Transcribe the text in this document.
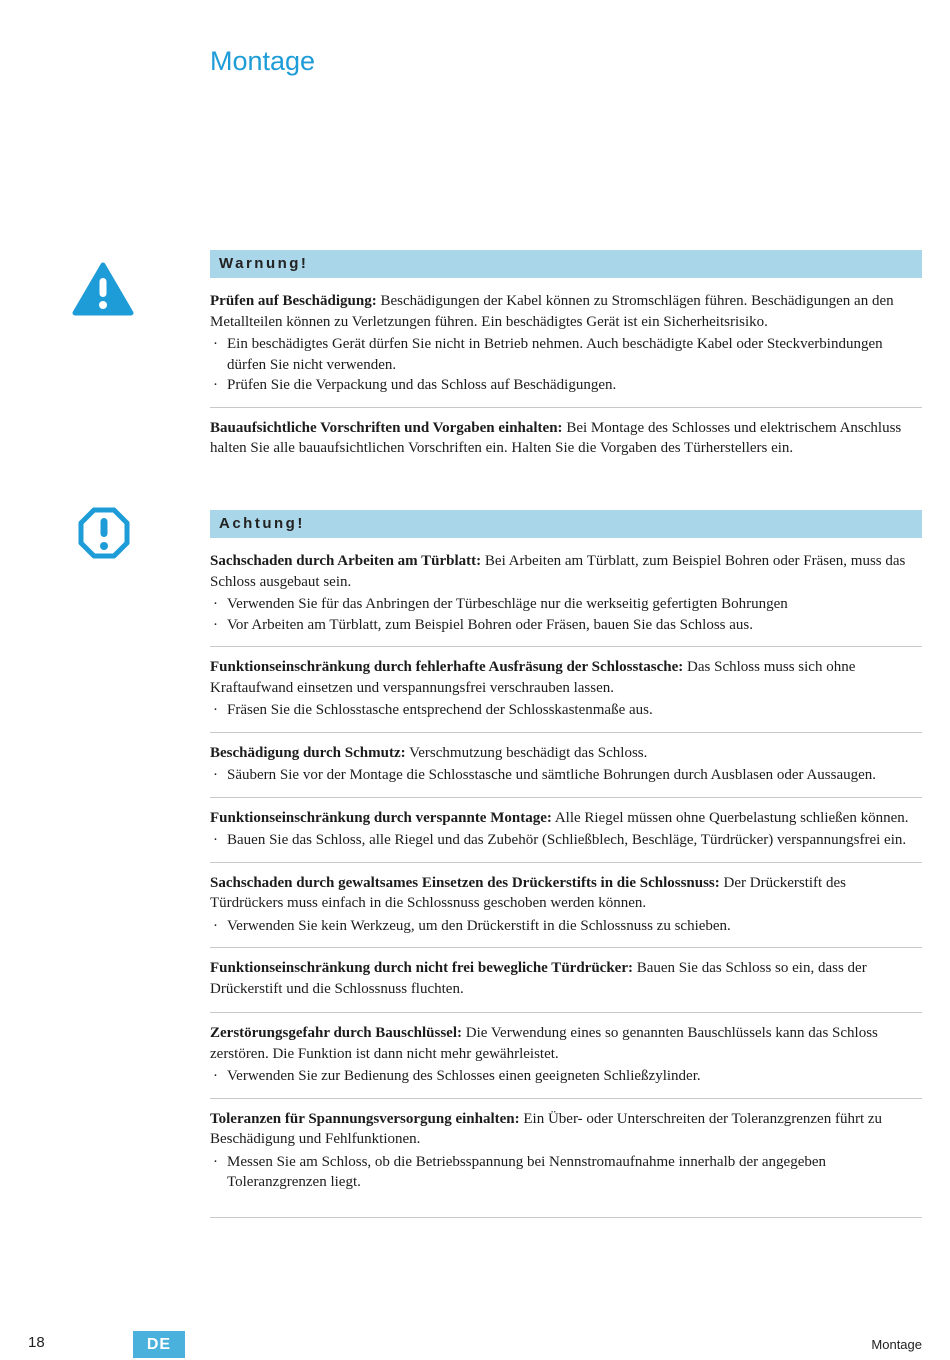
Montage
Warnung!

Prüfen auf Beschädigung: Beschädigungen der Kabel können zu Stromschlägen führen. Beschädigungen an den Metallteilen können zu Verletzungen führen. Ein beschädigtes Gerät ist ein Sicherheitsrisiko.

· Ein beschädigtes Gerät dürfen Sie nicht in Betrieb nehmen. Auch beschädigte Kabel oder Steckverbindungen dürfen Sie nicht verwenden.
· Prüfen Sie die Verpackung und das Schloss auf Beschädigungen.

Bauaufsichtliche Vorschriften und Vorgaben einhalten: Bei Montage des Schlosses und elektrischem Anschluss halten Sie alle bauaufsichtlichen Vorschriften ein. Halten Sie die Vorgaben des Türherstellers ein.

Achtung!

Sachschaden durch Arbeiten am Türblatt: Bei Arbeiten am Türblatt, zum Beispiel Bohren oder Fräsen, muss das Schloss ausgebaut sein.

· Verwenden Sie für das Anbringen der Türbeschläge nur die werkseitig gefertigten Bohrungen
· Vor Arbeiten am Türblatt, zum Beispiel Bohren oder Fräsen, bauen Sie das Schloss aus.

Funktionseinschränkung durch fehlerhafte Ausfräsung der Schlosstasche: Das Schloss muss sich ohne Kraftaufwand einsetzen und verspannungsfrei verschrauben lassen.

· Fräsen Sie die Schlosstasche entsprechend der Schlosskastenmaße aus.

Beschädigung durch Schmutz: Verschmutzung beschädigt das Schloss.

· Säubern Sie vor der Montage die Schlosstasche und sämtliche Bohrungen durch Ausblasen oder Aussaugen.

Funktionseinschränkung durch verspannte Montage: Alle Riegel müssen ohne Querbelastung schließen können.

· Bauen Sie das Schloss, alle Riegel und das Zubehör (Schließblech, Beschläge, Türdrücker) verspannungsfrei ein.

Sachschaden durch gewaltsames Einsetzen des Drückerstifts in die Schlossnuss: Der Drückerstift des Türdrückers muss einfach in die Schlossnuss geschoben werden können.

· Verwenden Sie kein Werkzeug, um den Drückerstift in die Schlossnuss zu schieben.

Funktionseinschränkung durch nicht frei bewegliche Türdrücker: Bauen Sie das Schloss so ein, dass der Drückerstift und die Schlossnuss fluchten.

Zerstörungsgefahr durch Bauschlüssel: Die Verwendung eines so genannten Bauschlüssels kann das Schloss zerstören. Die Funktion ist dann nicht mehr gewährleistet.

· Verwenden Sie zur Bedienung des Schlosses einen geeigneten Schließzylinder.

Toleranzen für Spannungsversorgung einhalten: Ein Über- oder Unterschreiten der Toleranzgrenzen führt zu Beschädigung und Fehlfunktionen.

· Messen Sie am Schloss, ob die Betriebsspannung bei Nennstromaufnahme innerhalb der angegeben Toleranzgrenzen liegt.
18	DE	Montage
